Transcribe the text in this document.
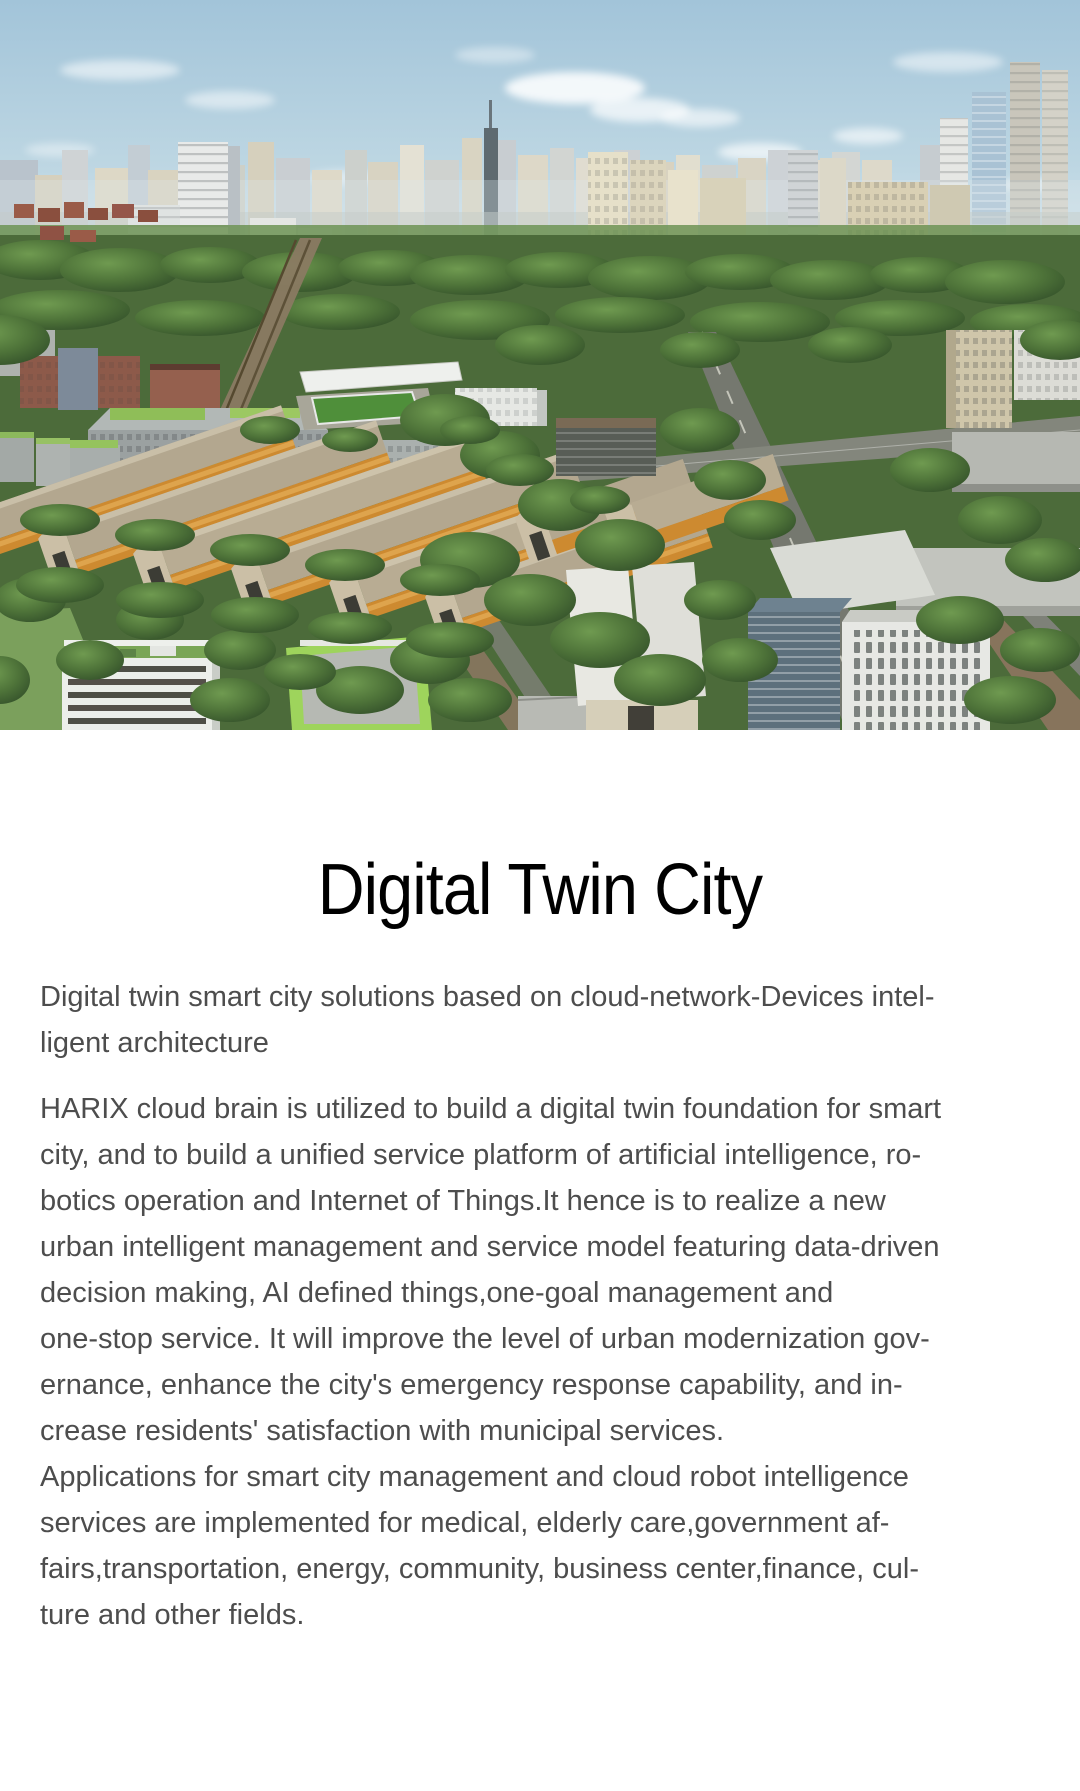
Digital Twin City
Digital twin smart city solutions based on cloud-network-Devices intel-
ligent architecture
HARIX cloud brain is utilized to build a digital twin foundation for smart
city, and to build a unified service platform of artificial intelligence, ro-
botics operation and Internet of Things.It hence is to realize a new
urban intelligent management and service model featuring data-driven
decision making, AI defined things,one-goal management and
one-stop service. It will improve the level of urban modernization gov-
ernance, enhance the city's emergency response capability, and in-
crease residents' satisfaction with municipal services.
Applications for smart city management and cloud robot intelligence
services are implemented for medical, elderly care,government af-
fairs,transportation, energy, community, business center,finance, cul-
ture and other fields.
